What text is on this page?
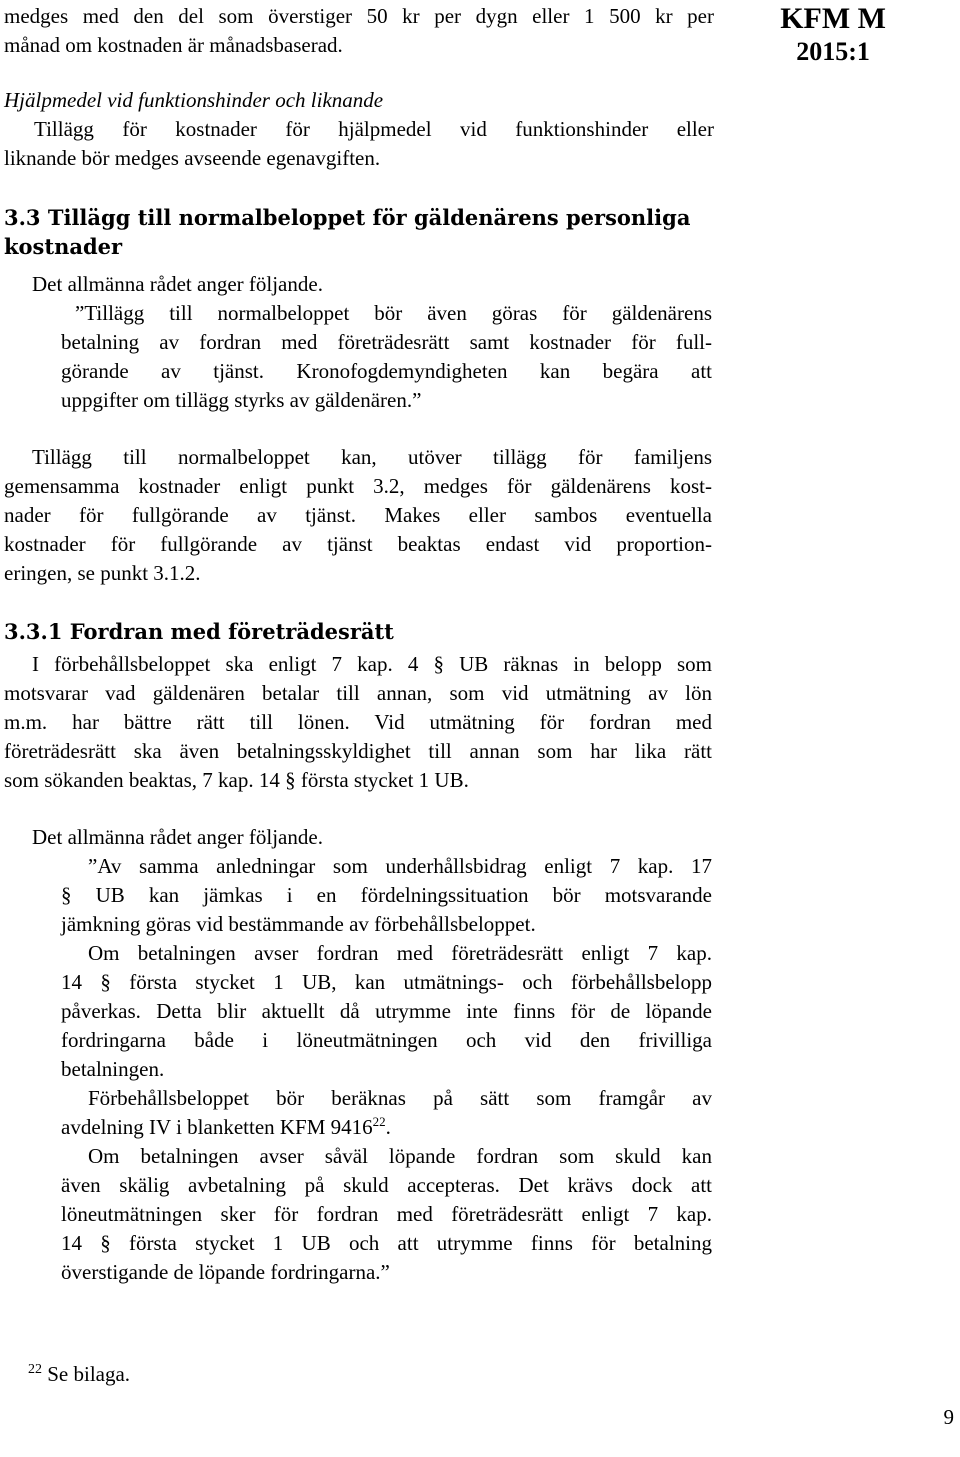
KFM M
2015:1
medges med den del som överstiger 50 kr per dygn eller 1 500 kr per
månad om kostnaden är månadsbaserad.
Hjälpmedel vid funktionshinder och liknande
Tillägg för kostnader för hjälpmedel vid funktionshinder eller
liknande bör medges avseende egenavgiften.
3.3 Tillägg till normalbeloppet för gäldenärens personliga
kostnader
Det allmänna rådet anger följande.
”Tillägg till normalbeloppet bör även göras för gäldenärens
betalning av fordran med företrädesrätt samt kostnader för full-
görande av tjänst. Kronofogdemyndigheten kan begära att
uppgifter om tillägg styrks av gäldenären.”
Tillägg till normalbeloppet kan, utöver tillägg för familjens
gemensamma kostnader enligt punkt 3.2, medges för gäldenärens kost-
nader för fullgörande av tjänst. Makes eller sambos eventuella
kostnader för fullgörande av tjänst beaktas endast vid proportion-
eringen, se punkt 3.1.2.
3.3.1 Fordran med företrädesrätt
I förbehållsbeloppet ska enligt 7 kap. 4 § UB räknas in belopp som
motsvarar vad gäldenären betalar till annan, som vid utmätning av lön
m.m. har bättre rätt till lönen. Vid utmätning för fordran med
företrädesrätt ska även betalningsskyldighet till annan som har lika rätt
som sökanden beaktas, 7 kap. 14 § första stycket 1 UB.
Det allmänna rådet anger följande.
”Av samma anledningar som underhållsbidrag enligt 7 kap. 17
§ UB kan jämkas i en fördelningssituation bör motsvarande
jämkning göras vid bestämmande av förbehållsbeloppet.
Om betalningen avser fordran med företrädesrätt enligt 7 kap.
14 § första stycket 1 UB, kan utmätnings- och förbehållsbelopp
påverkas. Detta blir aktuellt då utrymme inte finns för de löpande
fordringarna både i löneutmätningen och vid den frivilliga
betalningen.
Förbehållsbeloppet bör beräknas på sätt som framgår av
avdelning IV i blanketten KFM 9416$^{22}$.
Om betalningen avser såväl löpande fordran som skuld kan
även skälig avbetalning på skuld accepteras. Det krävs dock att
löneutmätningen sker för fordran med företrädesrätt enligt 7 kap.
14 § första stycket 1 UB och att utrymme finns för betalning
överstigande de löpande fordringarna.”
$^{22}$ Se bilaga.
9
